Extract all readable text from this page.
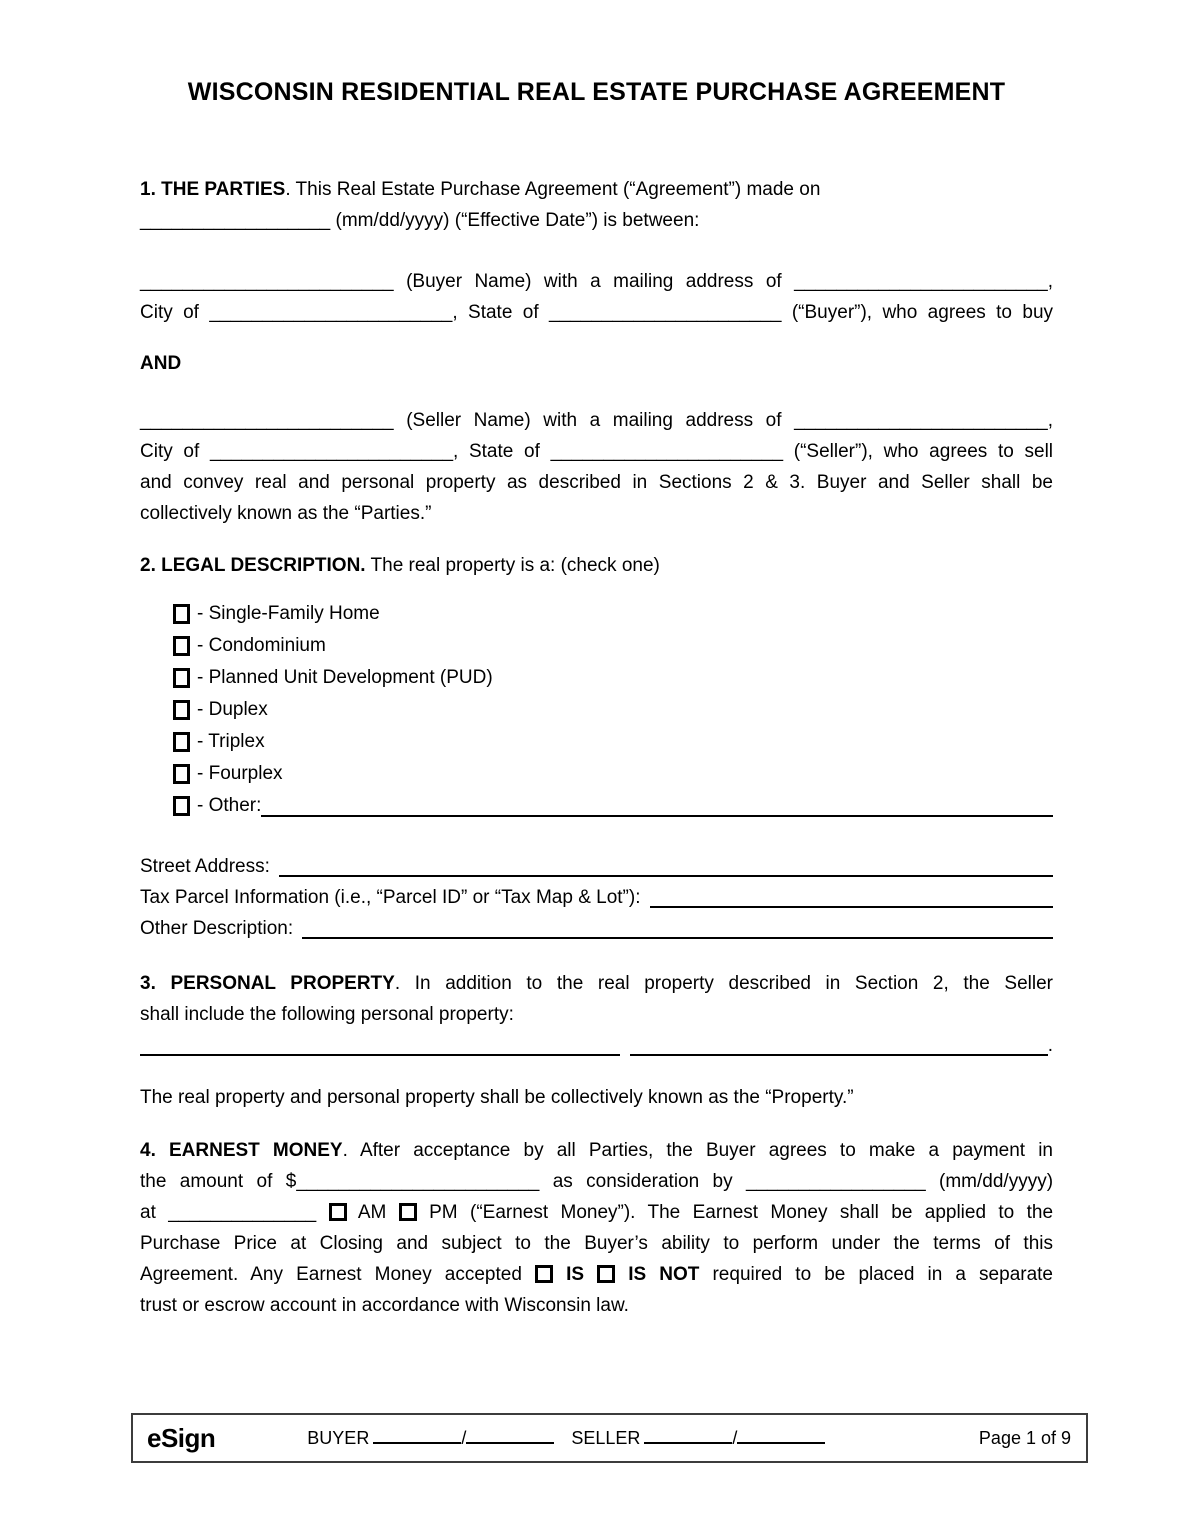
WISCONSIN RESIDENTIAL REAL ESTATE PURCHASE AGREEMENT
1. THE PARTIES. This Real Estate Purchase Agreement (“Agreement”) made on
__________________ (mm/dd/yyyy) (“Effective Date”) is between:
________________________ (Buyer Name) with a mailing address of ________________________,
City of _______________________, State of ______________________ (“Buyer”), who agrees to buy
AND
________________________ (Seller Name) with a mailing address of ________________________,
City of _______________________, State of ______________________ (“Seller”), who agrees to sell
and convey real and personal property as described in Sections 2 & 3. Buyer and Seller shall be
collectively known as the “Parties.”
2. LEGAL DESCRIPTION. The real property is a: (check one)
- Single-Family Home
- Condominium
- Planned Unit Development (PUD)
- Duplex
- Triplex
- Fourplex
- Other:
Street Address:
Tax Parcel Information (i.e., “Parcel ID” or “Tax Map & Lot”):
Other Description:
3. PERSONAL PROPERTY. In addition to the real property described in Section 2, the Seller
shall include the following personal property:
.
The real property and personal property shall be collectively known as the “Property.”
4. EARNEST MONEY. After acceptance by all Parties, the Buyer agrees to make a payment in
the amount of $_______________________ as consideration by _________________ (mm/dd/yyyy)
at ______________ AM PM (“Earnest Money”). The Earnest Money shall be applied to the
Purchase Price at Closing and subject to the Buyer’s ability to perform under the terms of this
Agreement. Any Earnest Money accepted IS IS NOT required to be placed in a separate
trust or escrow account in accordance with Wisconsin law.
eSign	BUYER	/	SELLER	/	Page 1 of 9
